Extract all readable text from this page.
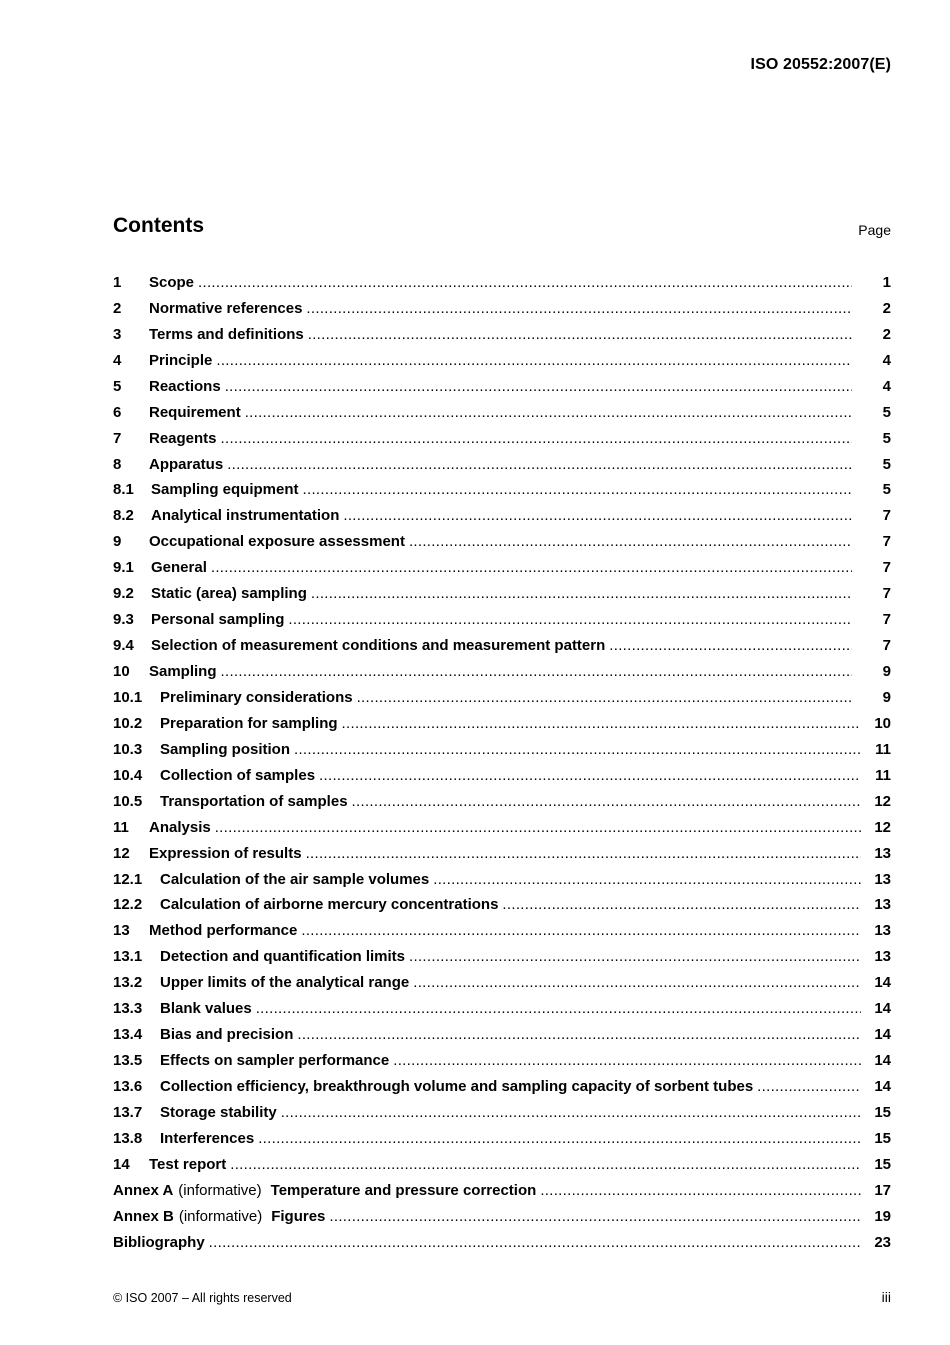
ISO 20552:2007(E)
Contents	Page
1 Scope .....	1
2 Normative references .....	2
3 Terms and definitions .....	2
4 Principle .....	4
5 Reactions .....	4
6 Requirement .....	5
7 Reagents .....	5
8 Apparatus .....	5
8.1 Sampling equipment .....	5
8.2 Analytical instrumentation .....	7
9 Occupational exposure assessment .....	7
9.1 General .....	7
9.2 Static (area) sampling .....	7
9.3 Personal sampling .....	7
9.4 Selection of measurement conditions and measurement pattern .....	7
10 Sampling .....	9
10.1 Preliminary considerations .....	9
10.2 Preparation for sampling .....	10
10.3 Sampling position .....	11
10.4 Collection of samples .....	11
10.5 Transportation of samples .....	12
11 Analysis .....	12
12 Expression of results .....	13
12.1 Calculation of the air sample volumes .....	13
12.2 Calculation of airborne mercury concentrations .....	13
13 Method performance .....	13
13.1 Detection and quantification limits .....	13
13.2 Upper limits of the analytical range .....	14
13.3 Blank values .....	14
13.4 Bias and precision .....	14
13.5 Effects on sampler performance .....	14
13.6 Collection efficiency, breakthrough volume and sampling capacity of sorbent tubes .....	14
13.7 Storage stability .....	15
13.8 Interferences .....	15
14 Test report .....	15
Annex A (informative) Temperature and pressure correction .....	17
Annex B (informative) Figures .....	19
Bibliography .....	23
© ISO 2007 – All rights reserved	iii
